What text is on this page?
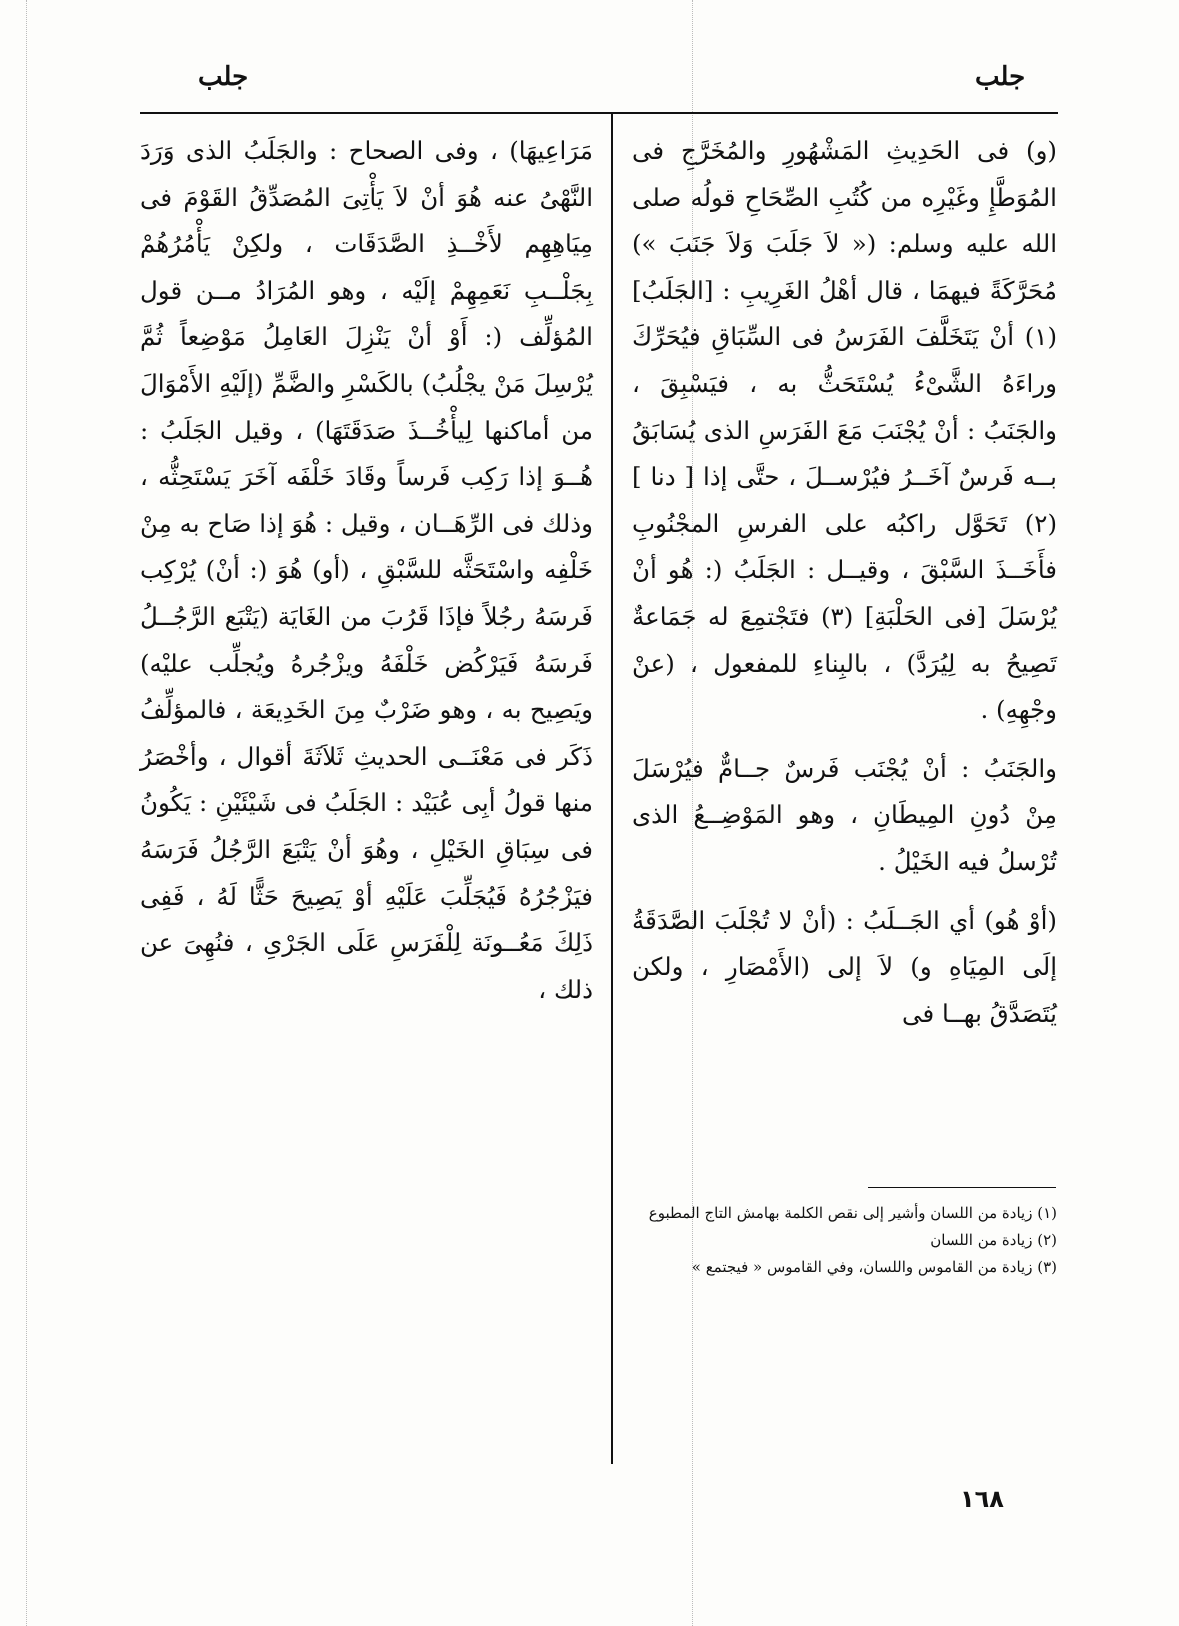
جلب
جلب

(و) فى الحَدِيثِ المَشْهُورِ والمُخَرَّجِ فى المُوَطَّإِ وغَيْرِه من كُتُبِ الصِّحَاحِ قولُه صلى الله عليه وسلم: (« لاَ جَلَبَ وَلاَ جَنَبَ ») مُحَرَّكَةً فيهمَا ، قال أهْلُ الغَرِيبِ : [الجَلَبُ] (١) أنْ يَتَخَلَّفَ الفَرَسُ فى السِّبَاقِ فيُحَرِّكَ وراءَهُ الشَّىْءُ يُسْتَحَثُّ به ، فيَسْبِقَ ، والجَنَبُ : أنْ يُجْنَبَ مَعَ الفَرَسِ الذى يُسَابَقُ بــه فَرسٌ آخَــرُ فيُرْســلَ ، حتَّى إذا [ دنا ] (٢) تَحَوَّل راكبُه على الفرسِ المجْنُوبِ فأَخَــذَ السَّبْقَ ، وقيــل : الجَلَبُ (: هُو أنْ يُرْسَلَ [فى الحَلْبَةِ] (٣) فتَجْتمِعَ له جَمَاعةٌ تَصِيحُ به لِيُرَدَّ) ، بالبِناءِ للمفعول ، (عنْ وجْهِهِ) .

والجَنَبُ : أنْ يُجْنَب فَرسٌ جــامٌّ فيُرْسَلَ مِنْ دُونِ المِيطَانِ ، وهو المَوْضِــعُ الذى تُرْسلُ فيه الخَيْلُ .

(أوْ هُو) أي الجَــلَبُ : (أنْ لا تُجْلَبَ الصَّدَقَةُ إلَى المِيَاهِ و) لاَ إلى (الأَمْصَارِ ، ولكن يُتَصَدَّقُ بهــا فى

مَرَاعِيهَا) ، وفى الصحاح : والجَلَبُ الذى وَرَدَ النَّهْىُ عنه هُوَ أنْ لاَ يَأْتِىَ المُصَدِّقُ القَوْمَ فى مِيَاهِهِم لأَخْــذِ الصَّدَقَات ، ولكِنْ يَأْمُرُهُمْ بِجَلْــبِ نَعَمِهِمْ إلَيْه ، وهو المُرَادُ مــن قول المُؤلِّف (: أَوْ أنْ يَنْزِلَ العَامِلُ مَوْضِعاً ثُمَّ يُرْسِلَ مَنْ يجْلُبُ) بالكَسْرِ والضَّمِّ (إلَيْهِ الأَمْوَالَ من أماكنها لِيأْخُــذَ صَدَقَتَهَا) ، وقيل الجَلَبُ : هُــوَ إذا رَكِب فَرساً وقَادَ خَلْفَه آخَرَ يَسْتَحِثُّه ، وذلك فى الرِّهَــان ، وقيل : هُوَ إذا صَاح به مِنْ خَلْفِه واسْتَحَثَّه للسَّبْقِ ، (أو) هُوَ (: أنْ) يُرْكِب فَرسَهُ رجُلاً فإذَا قَرُبَ من الغَايَة (يَتْبَع الرَّجُــلُ فَرسَهُ فَيَرْكُض خَلْفَهُ ويزْجُرهُ ويُجلِّب عليْه) ويَصِيح به ، وهو ضَرْبٌ مِنَ الخَدِيعَة ، فالمؤلِّفُ ذَكَر فى مَعْنَــى الحديثِ ثَلاَثَةَ أقوال ، وأخْصَرُ منها قولُ أبِى عُبَيْد : الجَلَبُ فى شَيْئَيْنِ : يَكُونُ فى سِبَاقِ الخَيْلِ ، وهُوَ أنْ يَتْبَعَ الرَّجُلُ فَرَسَهُ فيَزْجُرُهُ فَيُجَلِّبَ عَلَيْهِ أوْ يَصِيحَ حَثًّا لَهُ ، فَفِى ذَلِكَ مَعُــونَة لِلْفَرَسِ عَلَى الجَرْىِ ، فنُهِىَ عن ذلك ،

(١) زيادة من اللسان وأشير إلى نقص الكلمة بهامش التاج المطبوع

(٢) زيادة من اللسان

(٣) زيادة من القاموس واللسان، وفي القاموس « فيجتمع »

١٦٨
